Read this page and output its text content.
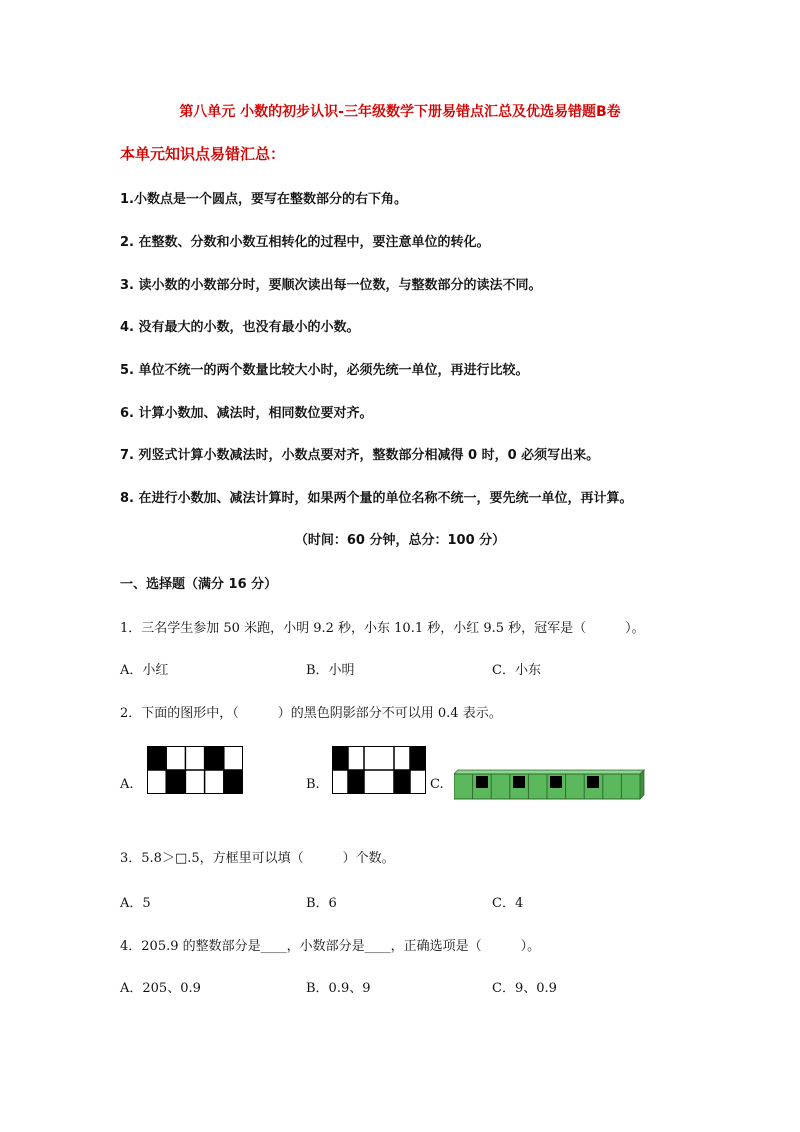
第八单元 小数的初步认识-三年级数学下册易错点汇总及优选易错题B卷
本单元知识点易错汇总：
1.小数点是一个圆点，要写在整数部分的右下角。
2. 在整数、分数和小数互相转化的过程中，要注意单位的转化。
3. 读小数的小数部分时，要顺次读出每一位数，与整数部分的读法不同。
4. 没有最大的小数，也没有最小的小数。
5. 单位不统一的两个数量比较大小时，必须先统一单位，再进行比较。
6. 计算小数加、减法时，相同数位要对齐。
7. 列竖式计算小数减法时，小数点要对齐，整数部分相减得 0 时，0 必须写出来。
8. 在进行小数加、减法计算时，如果两个量的单位名称不统一，要先统一单位，再计算。
（时间：60 分钟，总分：100 分）
一、选择题（满分 16 分）
1．三名学生参加 50 米跑，小明 9.2 秒，小东 10.1 秒，小红 9.5 秒，冠军是（　　　）。
A．小红	B．小明	C．小东
2．下面的图形中，（　　　）的黑色阴影部分不可以用 0.4 表示。
A.	B.	C.
3．5.8＞□.5，方框里可以填（　　　）个数。
A．5	B．6	C．4
4．205.9 的整数部分是____，小数部分是____，正确选项是（　　　）。
A．205、0.9	B．0.9、9	C．9、0.9
